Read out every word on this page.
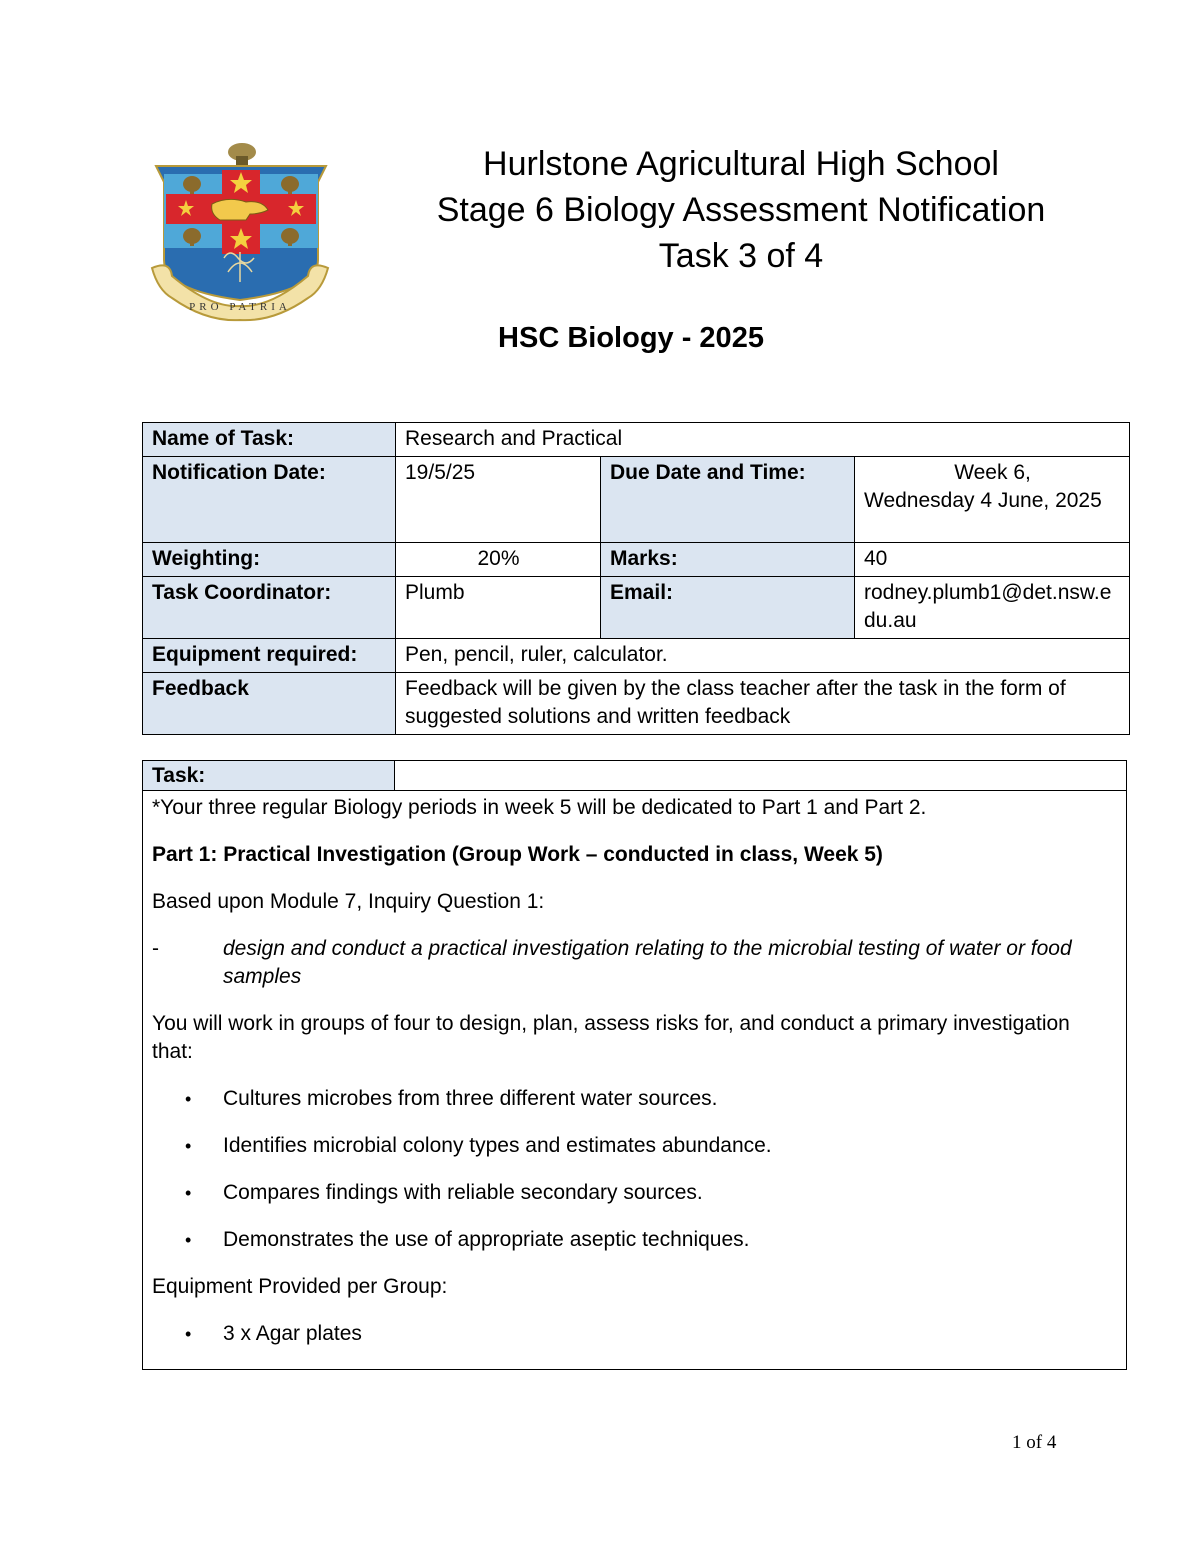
PRO PATRIA
Hurlstone Agricultural High School
Stage 6 Biology Assessment Notification
Task 3 of 4
HSC Biology - 2025
Name of Task:	Research and Practical		
Notification Date:	19/5/25	Due Date and Time:	Week 6,
Wednesday 4 June, 2025

Weighting:	20%	Marks:	40
Task Coordinator:	Plumb	Email:	rodney.plumb1@det.nsw.edu.au
Equipment required:	Pen, pencil, ruler, calculator.		
Feedback	Feedback will be given by the class teacher after the task in the form of suggested solutions and written feedback		
Task:

*Your three regular Biology periods in week 5 will be dedicated to Part 1 and Part 2.

Part 1: Practical Investigation (Group Work – conducted in class, Week 5)

Based upon Module 7, Inquiry Question 1:

-	design and conduct a practical investigation relating to the microbial testing of water or food samples

You will work in groups of four to design, plan, assess risks for, and conduct a primary investigation that:

•	Cultures microbes from three different water sources.
•	Identifies microbial colony types and estimates abundance.
•	Compares findings with reliable secondary sources.
•	Demonstrates the use of appropriate aseptic techniques.

Equipment Provided per Group:

•	3 x Agar plates
1 of 4
